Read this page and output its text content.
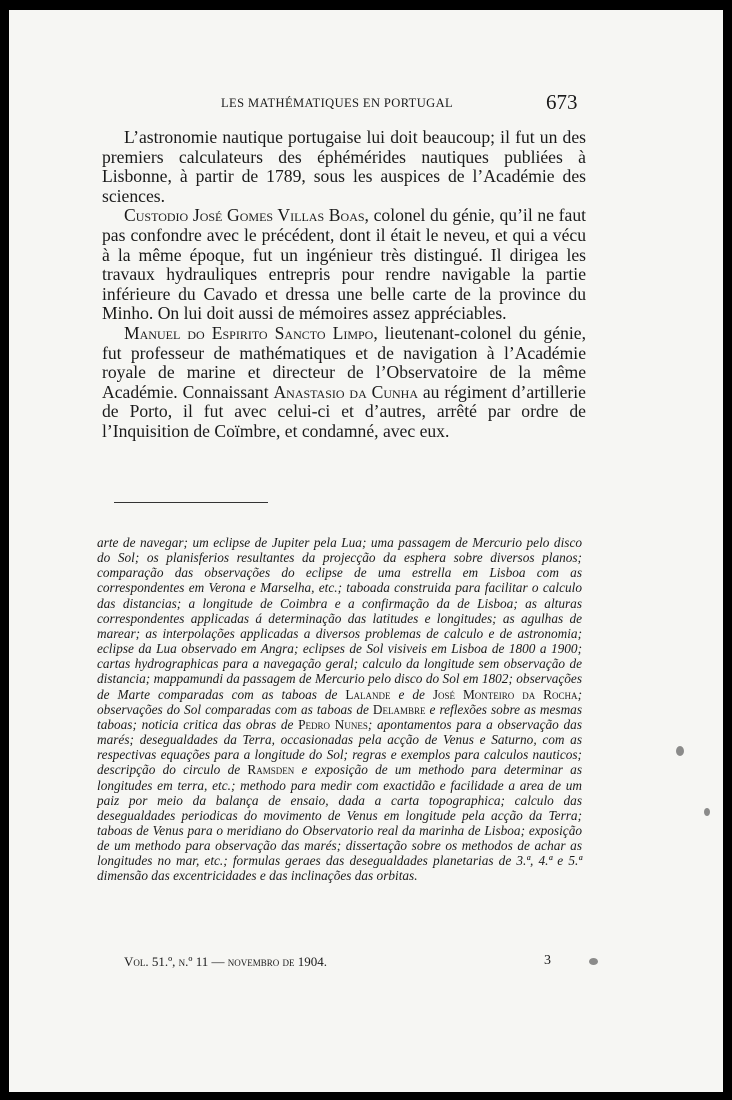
LES MATHÉMATIQUES EN PORTUGAL	673

L’astronomie nautique portugaise lui doit beaucoup; il fut un des premiers calculateurs des éphémérides nautiques publiées à Lisbonne, à partir de 1789, sous les auspices de l’Académie des sciences.

Custodio José Gomes Villas Boas, colonel du génie, qu’il ne faut pas confondre avec le précédent, dont il était le neveu, et qui a vécu à la même époque, fut un ingénieur très distingué. Il dirigea les travaux hydrauliques entrepris pour rendre navigable la partie inférieure du Cavado et dressa une belle carte de la province du Minho. On lui doit aussi de mémoires assez appréciables.

Manuel do Espirito Sancto Limpo, lieutenant-colonel du génie, fut professeur de mathématiques et de navigation à l’Académie royale de marine et directeur de l’Observatoire de la même Académie. Connaissant Anastasio da Cunha au régiment d’artillerie de Porto, il fut avec celui-ci et d’autres, arrêté par ordre de l’Inquisition de Coïmbre, et condamné, avec eux.

arte de navegar; um eclipse de Jupiter pela Lua; uma passagem de Mercurio pelo disco do Sol; os planisferios resultantes da projecção da esphera sobre diversos planos; comparação das observações do eclipse de uma estrella em Lisboa com as correspondentes em Verona e Marselha, etc.; taboada construida para facilitar o calculo das distancias; a longitude de Coimbra e a confirmação da de Lisboa; as alturas correspondentes applicadas á determinação das latitudes e longitudes; as agulhas de marear; as interpolações applicadas a diversos problemas de calculo e de astronomia; eclipse da Lua observado em Angra; eclipses de Sol visiveis em Lisboa de 1800 a 1900; cartas hydrographicas para a navegação geral; calculo da longitude sem observação de distancia; mappamundi da passagem de Mercurio pelo disco do Sol em 1802; observações de Marte comparadas com as taboas de Lalande e de José Monteiro da Rocha; observações do Sol comparadas com as taboas de Delambre e reflexões sobre as mesmas taboas; noticia critica das obras de Pedro Nunes; apontamentos para a observação das marés; desegualdades da Terra, occasionadas pela acção de Venus e Saturno, com as respectivas equações para a longitude do Sol; regras e exemplos para calculos nauticos; descripção do circulo de Ramsden e exposição de um methodo para determinar as longitudes em terra, etc.; methodo para medir com exactidão e facilidade a area de um paiz por meio da balança de ensaio, dada a carta topographica; calculo das desegualdades periodicas do movimento de Venus em longitude pela acção da Terra; taboas de Venus para o meridiano do Observatorio real da marinha de Lisboa; exposição de um methodo para observação das marés; dissertação sobre os methodos de achar as longitudes no mar, etc.; formulas geraes das desegualdades planetarias de 3.ª, 4.ª e 5.ª dimensão das excentricidades e das inclinações das orbitas.
Vol. 51.º, n.º 11 — novembro de 1904.	3
